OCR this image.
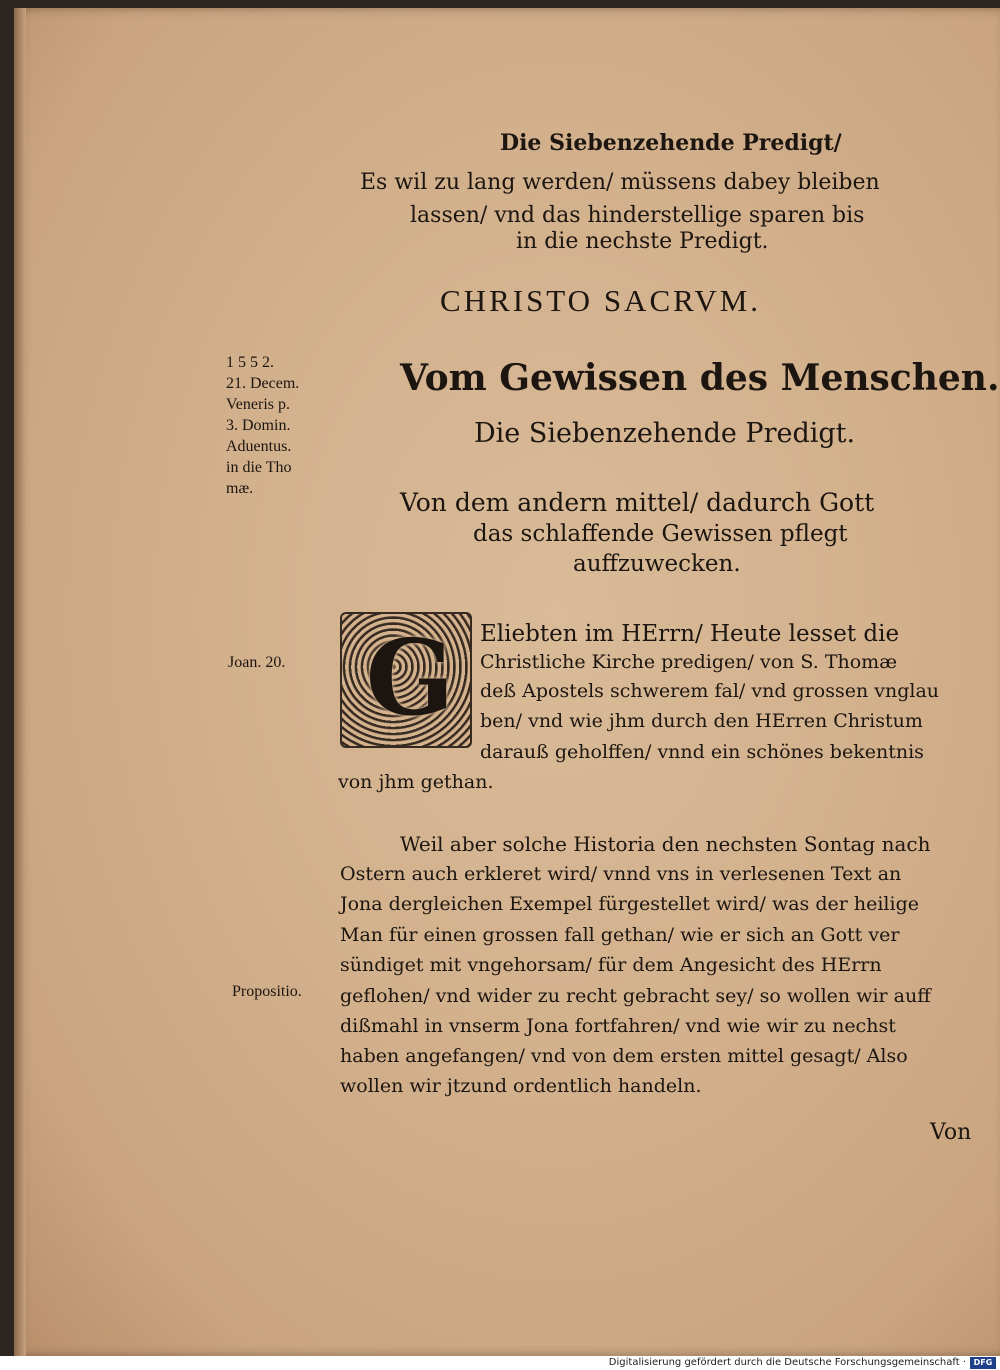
Die Siebenzehende Predigt/
Es wil zu lang werden/ müssens dabey bleiben
lassen/ vnd das hinderstellige sparen bis
in die nechste Predigt.
CHRISTO SACRVM.
Vom Gewissen des Menschen.
Die Siebenzehende Predigt.
Von dem andern mittel/ dadurch Gott
das schlaffende Gewissen pflegt
auffzuwecken.
1 5 5 2.
21. Decem.
Veneris p.
3. Domin.
Aduentus.
in die Tho
mæ.
Joan. 20.
Propositio.
G Eliebten im HErrn/ Heute lesset die
Christliche Kirche predigen/ von S. Thomæ
deß Apostels schwerem fal/ vnd grossen vnglau
ben/ vnd wie jhm durch den HErren Christum
darauß geholffen/ vnnd ein schönes bekentnis
von jhm gethan.
Weil aber solche Historia den nechsten Sontag nach
Ostern auch erkleret wird/ vnnd vns in verlesenen Text an
Jona dergleichen Exempel fürgestellet wird/ was der heilige
Man für einen grossen fall gethan/ wie er sich an Gott ver
sündiget mit vngehorsam/ für dem Angesicht des HErrn
geflohen/ vnd wider zu recht gebracht sey/ so wollen wir auff
dißmahl in vnserm Jona fortfahren/ vnd wie wir zu nechst
haben angefangen/ vnd von dem ersten mittel gesagt/ Also
wollen wir jtzund ordentlich handeln.
Von
Digitalisierung gefördert durch die Deutsche Forschungsgemeinschaft · DFG
